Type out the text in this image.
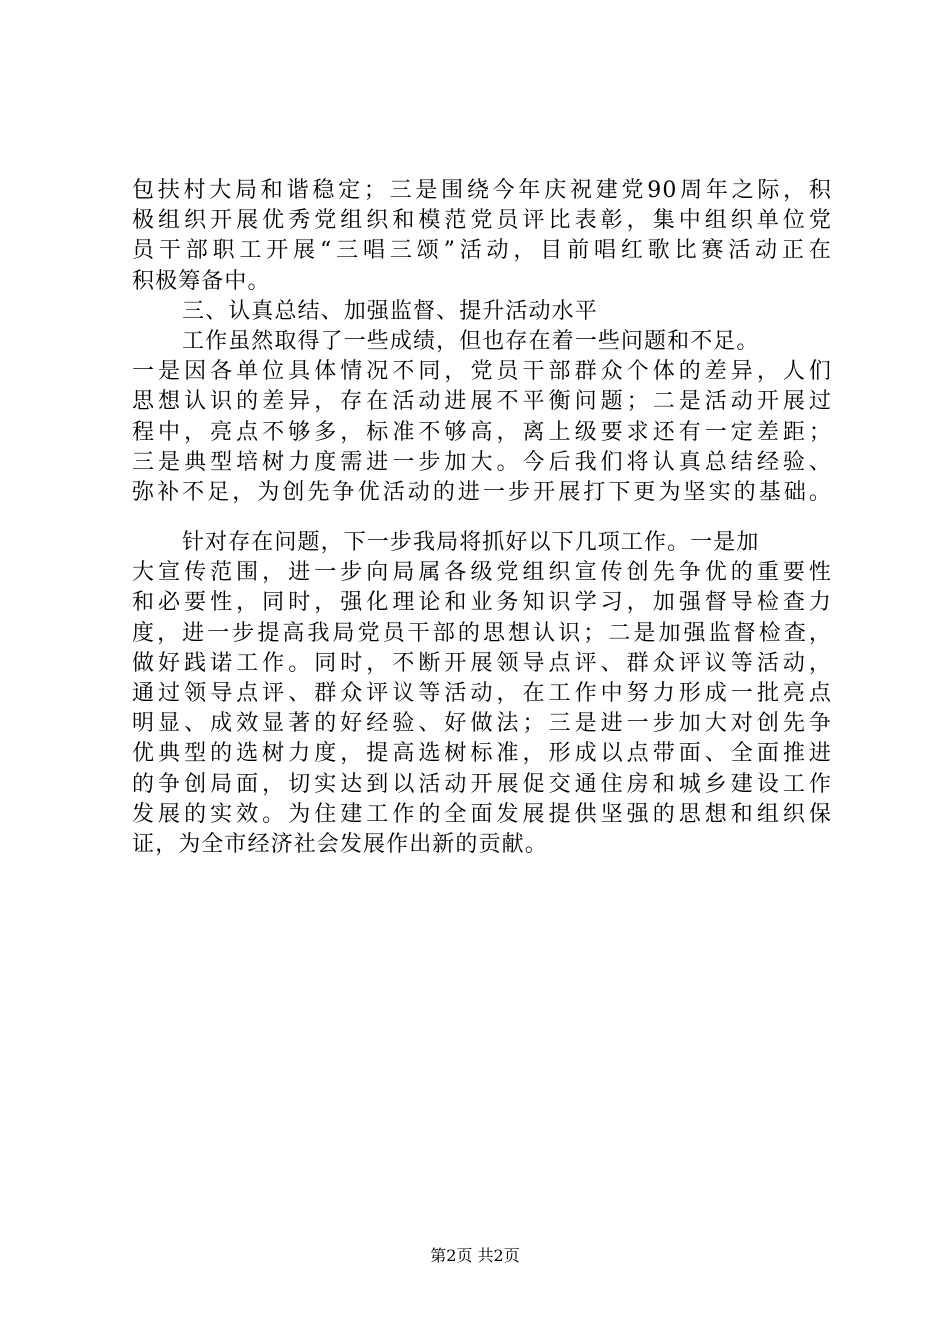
包扶村大局和谐稳定；三是围绕今年庆祝建党90周年之际，积
极组织开展优秀党组织和模范党员评比表彰，集中组织单位党
员干部职工开展“三唱三颂”活动，目前唱红歌比赛活动正在
积极筹备中。
三、认真总结、加强监督、提升活动水平
工作虽然取得了一些成绩，但也存在着一些问题和不足。
一是因各单位具体情况不同，党员干部群众个体的差异，人们
思想认识的差异，存在活动进展不平衡问题；二是活动开展过
程中，亮点不够多，标准不够高，离上级要求还有一定差距；
三是典型培树力度需进一步加大。今后我们将认真总结经验、
弥补不足，为创先争优活动的进一步开展打下更为坚实的基础。
针对存在问题，下一步我局将抓好以下几项工作。一是加
大宣传范围，进一步向局属各级党组织宣传创先争优的重要性
和必要性，同时，强化理论和业务知识学习，加强督导检查力
度，进一步提高我局党员干部的思想认识；二是加强监督检查，
做好践诺工作。同时，不断开展领导点评、群众评议等活动，
通过领导点评、群众评议等活动，在工作中努力形成一批亮点
明显、成效显著的好经验、好做法；三是进一步加大对创先争
优典型的选树力度，提高选树标准，形成以点带面、全面推进
的争创局面，切实达到以活动开展促交通住房和城乡建设工作
发展的实效。为住建工作的全面发展提供坚强的思想和组织保
证，为全市经济社会发展作出新的贡献。
第2页 共2页
